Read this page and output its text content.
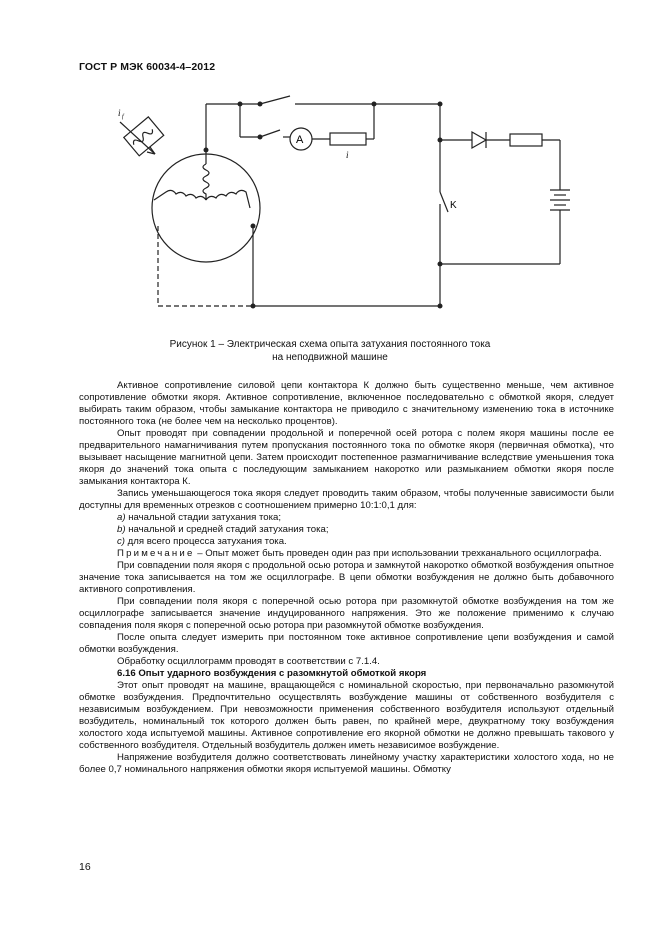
ГОСТ Р МЭК 60034-4–2012
i f
A
i
K
Рисунок 1 – Электрическая схема опыта затухания постоянного тока
на неподвижной машине

Активное сопротивление силовой цепи контактора К должно быть существенно меньше, чем активное сопротивление обмотки якоря. Активное сопротивление, включенное последовательно с обмоткой якоря, следует выбирать таким образом, чтобы замыкание контактора не приводило с значительному изменению тока в источнике постоянного тока (не более чем на несколько процентов).

Опыт проводят при совпадении продольной и поперечной осей ротора с полем якоря машины после ее предварительного намагничивания путем пропускания постоянного тока по обмотке якоря (первичная обмотка), что вызывает насыщение магнитной цепи. Затем происходит постепенное размагничивание вследствие уменьшения тока якоря до значений тока опыта с последующим замыканием накоротко или размыканием обмотки якоря после замыкания контактора К.

Запись уменьшающегося тока якоря следует проводить таким образом, чтобы полученные зависимости были доступны для временных отрезков с соотношением примерно 10:1:0,1 для:

а) начальной стадии затухания тока;

b) начальной и средней стадий затухания тока;

с) для всего процесса затухания тока.

Примечание – Опыт может быть проведен один раз при использовании трехканального осциллографа.

При совпадении поля якоря с продольной осью ротора и замкнутой накоротко обмоткой возбуждения опытное значение тока записывается на том же осциллографе. В цепи обмотки возбуждения не должно быть добавочного активного сопротивления.

При совпадении поля якоря с поперечной осью ротора при разомкнутой обмотке возбуждения на том же осциллографе записывается значение индуцированного напряжения. Это же положение применимо к случаю совпадения поля якоря с поперечной осью ротора при разомкнутой обмотке возбуждения.

После опыта следует измерить при постоянном токе активное сопротивление цепи возбуждения и самой обмотки возбуждения.

Обработку осциллограмм проводят в соответствии с 7.1.4.

6.16 Опыт ударного возбуждения с разомкнутой обмоткой якоря

Этот опыт проводят на машине, вращающейся с номинальной скоростью, при первоначально разомкнутой обмотке возбуждения. Предпочтительно осуществлять возбуждение машины от собственного возбудителя с независимым возбуждением. При невозможности применения собственного возбудителя используют отдельный возбудитель, номинальный ток которого должен быть равен, по крайней мере, двукратному току возбуждения холостого хода испытуемой машины. Активное сопротивление его якорной обмотки не должно превышать такового у собственного возбудителя. Отдельный возбудитель должен иметь независимое возбуждение.

Напряжение возбудителя должно соответствовать линейному участку характеристики холостого хода, но не более 0,7 номинального напряжения обмотки якоря испытуемой машины. Обмотку

16
